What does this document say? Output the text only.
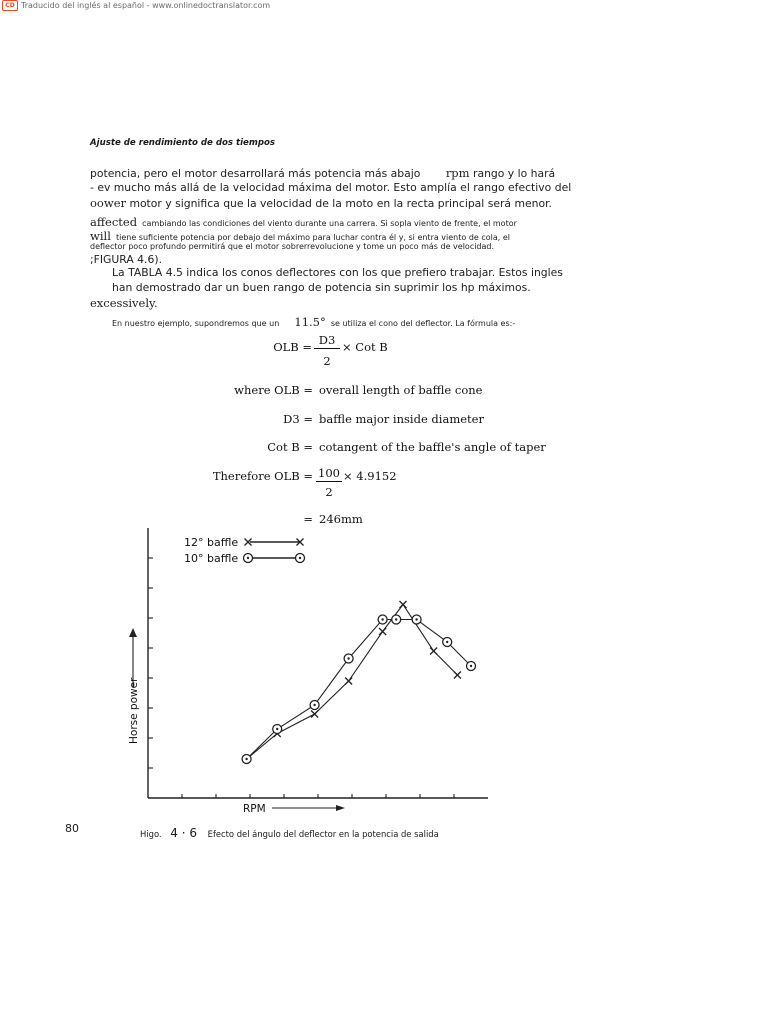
CD Traducido del inglés al español - www.onlinedoctranslator.com
Ajuste de rendimiento de dos tiempos
potencia, pero el motor desarrollará más potencia más abajo rpm rango y lo hará
- ev mucho más allá de la velocidad máxima del motor. Esto amplía el rango efectivo del
oower motor y significa que la velocidad de la moto en la recta principal será menor.
affected cambiando las condiciones del viento durante una carrera. Si sopla viento de frente, el motor
will tiene suficiente potencia por debajo del máximo para luchar contra él y, si entra viento de cola, el
deflector poco profundo permitirá que el motor sobrerrevolucione y tome un poco más de velocidad.
;FIGURA 4.6).
La TABLA 4.5 indica los conos deflectores con los que prefiero trabajar. Estos ingles
han demostrado dar un buen rango de potencia sin suprimir los hp máximos.
excessively.
En nuestro ejemplo, supondremos que un 11.5° se utiliza el cono del deflector. La fórmula es:-
OLB = D3
2
× Cot B
where OLB = overall length of baffle cone
D3 = baffle major inside diameter
Cot B = cotangent of the baffle's angle of taper
Therefore OLB = 100
2
× 4.9152
= 246mm
12° baffle
10° baffle
Horse power
RPM
80	Higo. 4 · 6 Efecto del ángulo del deflector en la potencia de salida
